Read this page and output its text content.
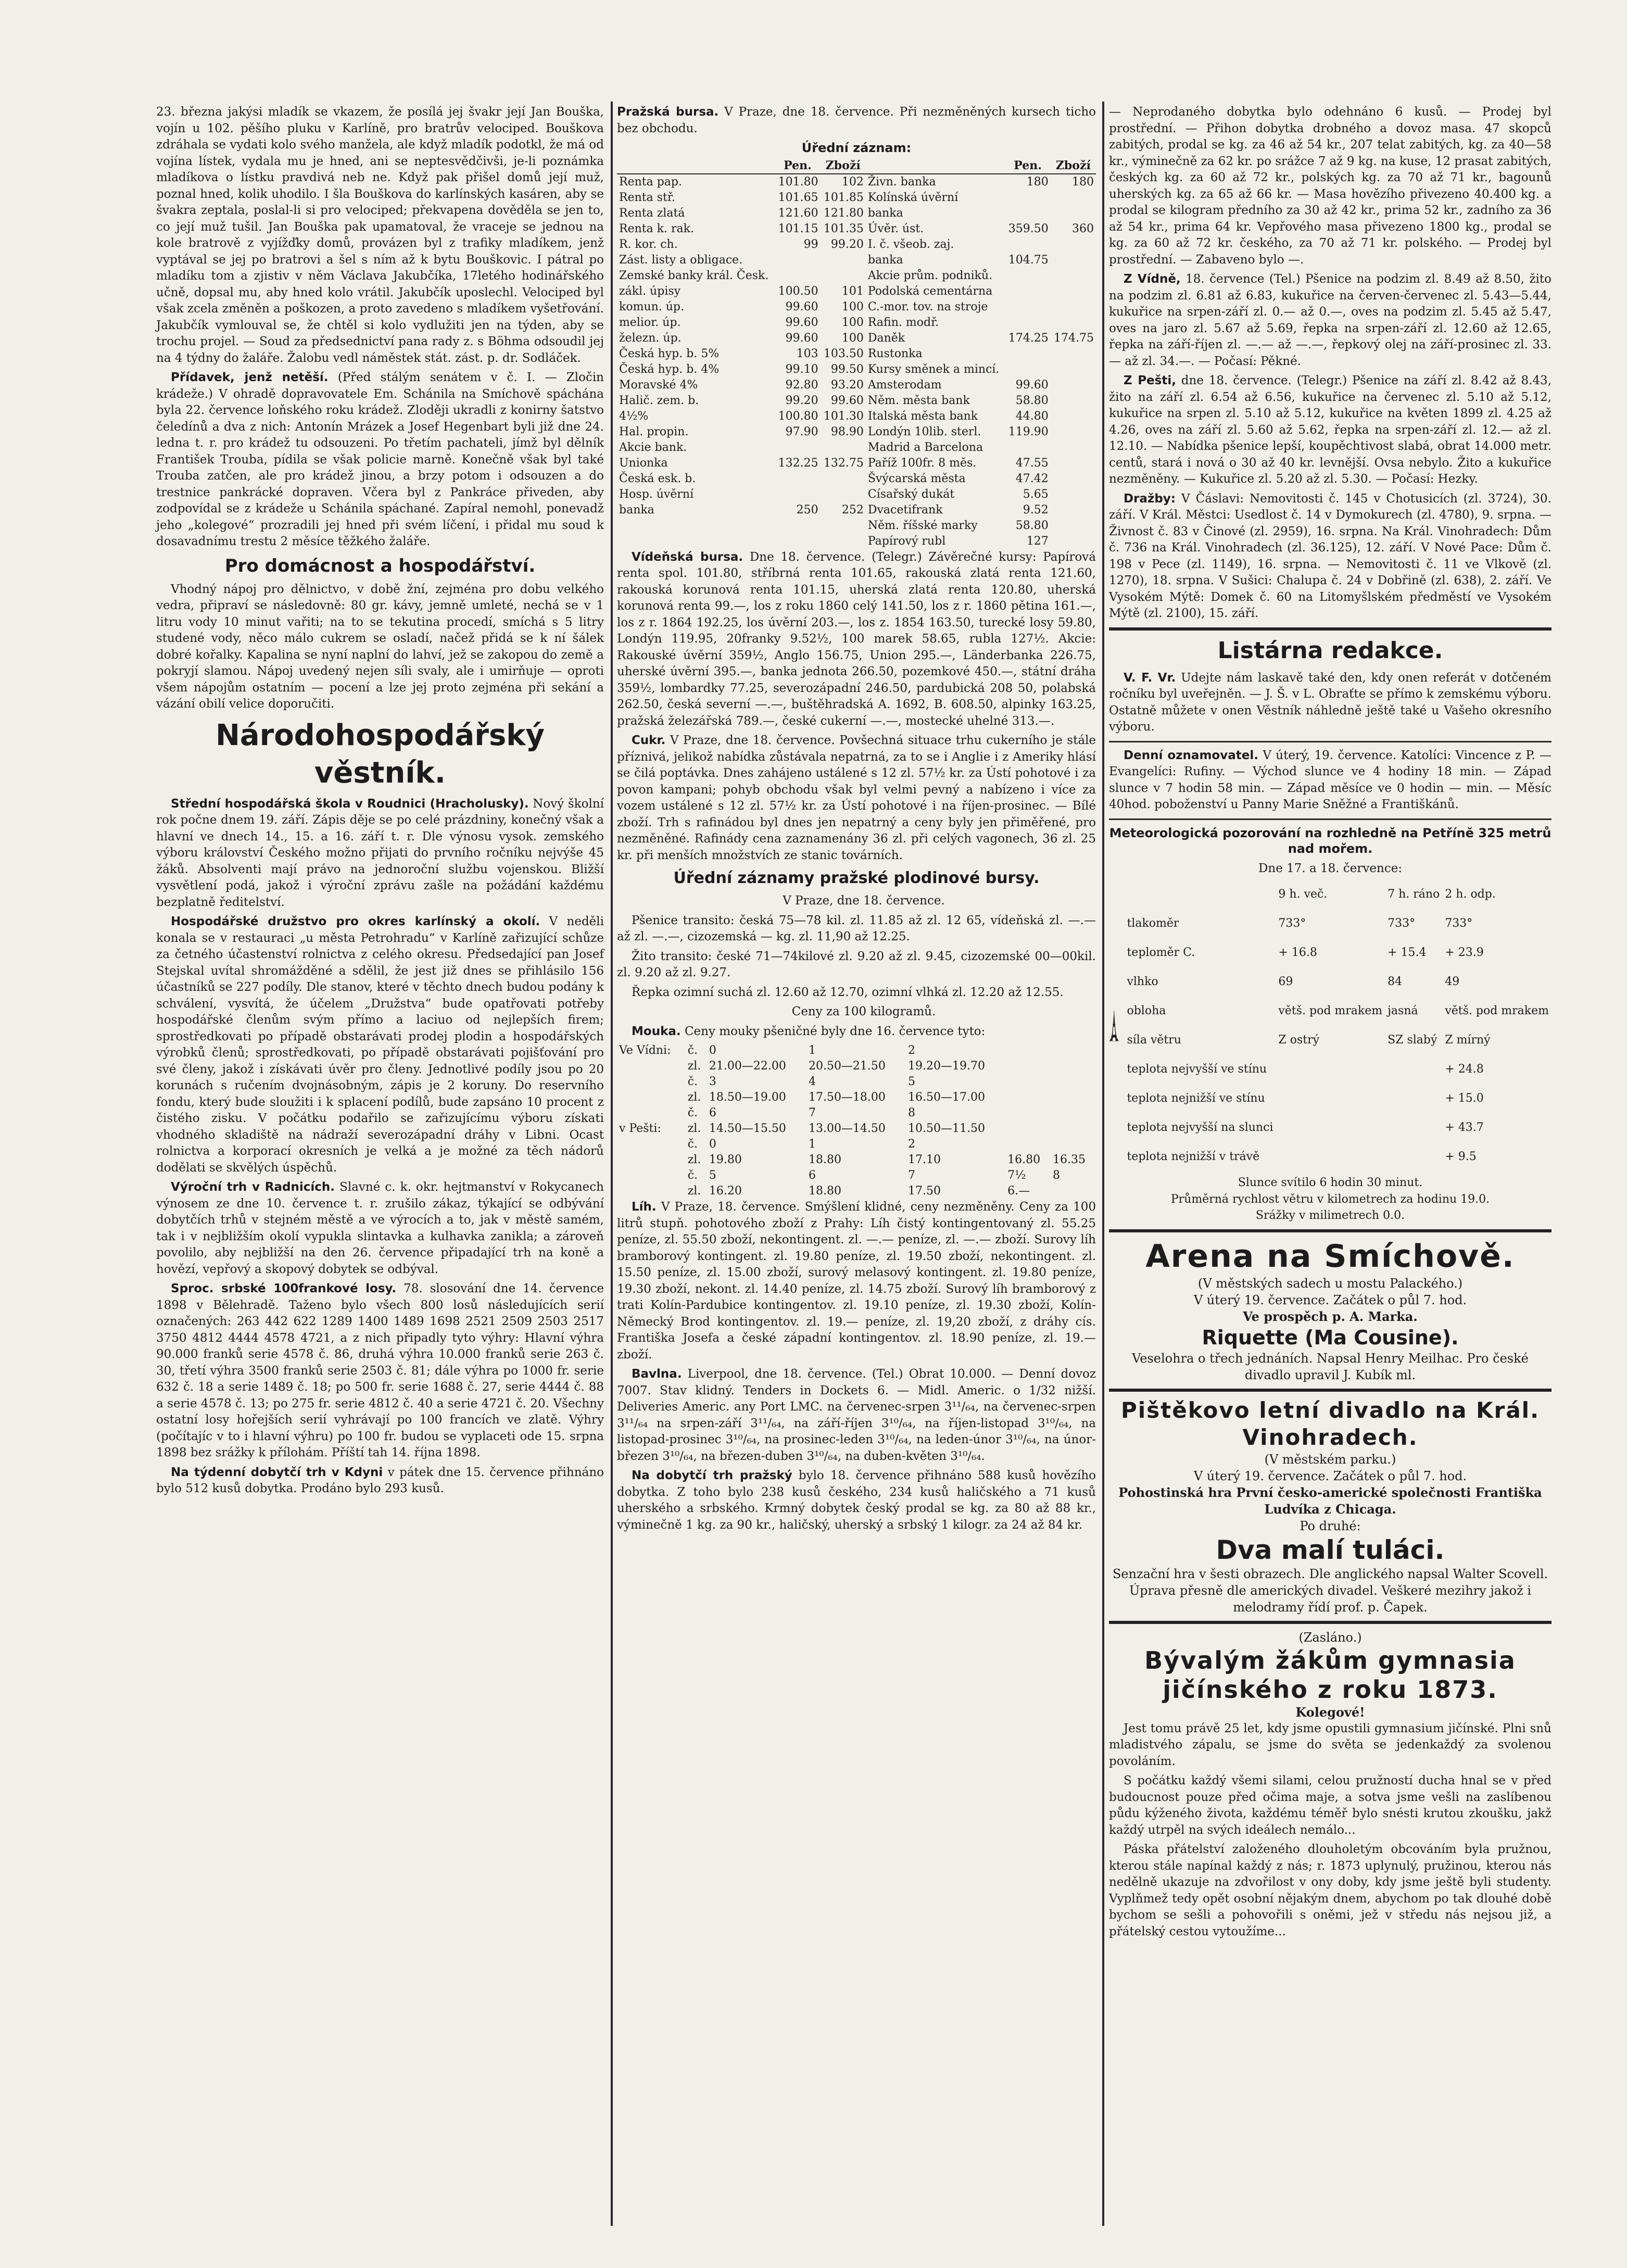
23. března jakýsi mladík se vkazem, že posílá jej švakr její Jan Bouška, vojín u 102. pěšího pluku v Karlíně, pro bratrův velociped. Bouškova zdráhala se vydati kolo svého manžela, ale když mladík podotkl, že má od vojína lístek, vydala mu je hned, ani se neptesvědčivši, je-li poznámka mladíkova o lístku pravdivá neb ne. Když pak přišel domů její muž, poznal hned, kolik uhodilo. I šla Bouškova do karlínských kasáren, aby se švakra zeptala, poslal-li si pro velociped; překvapena dověděla se jen to, co její muž tušil. Jan Bouška pak upamatoval, že vraceje se jednou na kole bratrově z vyjížďky domů, provázen byl z trafiky mladíkem, jenž vyptával se jej po bratrovi a šel s ním až k bytu Bouškovic. I pátral po mladíku tom a zjistiv v něm Václava Jakubčíka, 17letého hodinářského učně, dopsal mu, aby hned kolo vrátil. Jakubčík uposlechl. Velociped byl však zcela změněn a poškozen, a proto zavedeno s mladíkem vyšetřování. Jakubčík vymlouval se, že chtěl si kolo vydlužiti jen na týden, aby se trochu projel. — Soud za předsednictví pana rady z. s Böhma odsoudil jej na 4 týdny do žaláře. Žalobu vedl náměstek stát. zást. p. dr. Sodláček.

Přídavek, jenž netěší. (Před stálým senátem v č. I. — Zločin krádeže.) V ohradě dopravovatele Em. Schánila na Smíchově spáchána byla 22. července loňského roku krádež. Zloději ukradli z konirny šatstvo čeledínů a dva z nich: Antonín Mrázek a Josef Hegenbart byli již dne 24. ledna t. r. pro krádež tu odsouzeni. Po třetím pachateli, jímž byl dělník František Trouba, pídila se však policie marně. Konečně však byl také Trouba zatčen, ale pro krádež jinou, a brzy potom i odsouzen a do trestnice pankrácké dopraven. Včera byl z Pankráce přiveden, aby zodpovídal se z krádeže u Schánila spáchané. Zapíral nemohl, ponevadž jeho „kolegové“ prozradili jej hned při svém líčení, i přidal mu soud k dosavadnímu trestu 2 měsíce těžkého žaláře.

Pro domácnost a hospodářství.

Vhodný nápoj pro dělnictvo, v době žní, zejména pro dobu velkého vedra, připraví se následovně: 80 gr. kávy, jemně umleté, nechá se v 1 litru vody 10 minut vařiti; na to se tekutina procedí, smíchá s 5 litry studené vody, něco málo cukrem se osladí, načež přidá se k ní šálek dobré kořalky. Kapalina se nyní naplní do lahví, jež se zakopou do země a pokryjí slamou. Nápoj uvedený nejen síli svaly, ale i umirňuje — oproti všem nápojům ostatním — pocení a lze jej proto zejména při sekání a vázání obilí velice doporučiti.

Národohospodářský věstník.

Střední hospodářská škola v Roudnici (Hracholusky). Nový školní rok počne dnem 19. září. Zápis děje se po celé prázdniny, konečný však a hlavní ve dnech 14., 15. a 16. září t. r. Dle výnosu vysok. zemského výboru království Českého možno přijati do prvního ročníku nejvýše 45 žáků. Absolventi mají právo na jednoroční službu vojenskou. Bližší vysvětlení podá, jakož i výroční zprávu zašle na požádání každému bezplatně ředitelství.

Hospodářské družstvo pro okres karlínský a okolí. V neděli konala se v restauraci „u města Petrohradu“ v Karlíně zařizující schůze za četného účastenství rolnictva z celého okresu. Předsedající pan Josef Stejskal uvítal shromážděné a sdělil, že jest již dnes se přihlásilo 156 účastníků se 227 podíly. Dle stanov, které v těchto dnech budou podány k schválení, vysvítá, že účelem „Družstva“ bude opatřovati potřeby hospodářské členům svým přímo a laciuo od nejlepších firem; sprostředkovati po případě obstarávati prodej plodin a hospodářských výrobků členů; sprostředkovati, po případě obstarávati pojišťování pro své členy, jakož i získávati úvěr pro členy. Jednotlivé podíly jsou po 20 korunách s ručením dvojnásobným, zápis je 2 koruny. Do reservního fondu, který bude sloužiti i k splacení podílů, bude zapsáno 10 procent z čistého zisku. V počátku podařilo se zařizujícímu výboru získati vhodného skladiště na nádraží severozápadní dráhy v Libni. Ocast rolnictva a korporací okresních je velká a je možné za těch nádorů dodělati se skvělých úspěchů.

Výroční trh v Radnicích. Slavné c. k. okr. hejtmanství v Rokycanech výnosem ze dne 10. července t. r. zrušilo zákaz, týkající se odbývání dobytčích trhů v stejném městě a ve výrocích a to, jak v městě samém, tak i v nejbližším okolí vypukla slintavka a kulhavka zanikla; a zároveň povolilo, aby nejbližší na den 26. července připadající trh na koně a hovězí, vepřový a skopový dobytek se odbýval.

Sproc. srbské 100frankové losy. 78. slosování dne 14. července 1898 v Bělehradě. Taženo bylo všech 800 losů následujících serií označených: 263 442 622 1289 1400 1489 1698 2521 2509 2503 2517 3750 4812 4444 4578 4721, a z nich připadly tyto výhry: Hlavní výhra 90.000 franků serie 4578 č. 86, druhá výhra 10.000 franků serie 263 č. 30, třetí výhra 3500 franků serie 2503 č. 81; dále výhra po 1000 fr. serie 632 č. 18 a serie 1489 č. 18; po 500 fr. serie 1688 č. 27, serie 4444 č. 88 a serie 4578 č. 13; po 275 fr. serie 4812 č. 40 a serie 4721 č. 20. Všechny ostatní losy hořejších serií vyhrávají po 100 francích ve zlatě. Výhry (počítajíc v to i hlavní výhru) po 100 fr. budou se vyplaceti ode 15. srpna 1898 bez srážky k přílohám. Příští tah 14. října 1898.

Na týdenní dobytčí trh v Kdyni v pátek dne 15. července přihnáno bylo 512 kusů dobytka. Prodáno bylo 293 kusů.

Pražská bursa. V Praze, dne 18. července. Při nezměněných kursech ticho bez obchodu.

Úřední záznam:
	Pen.	Zboží		Pen.	Zboží
Renta pap.	101.80	102	Živn. banka	180	180
Renta stř.	101.65	101.85	Kolínská úvěrní		
Renta zlatá	121.60	121.80	banka		
Renta k. rak.	101.15	101.35	Úvěr. úst.	359.50	360
R. kor. ch.	99	99.20	I. č. všeob. zaj.		
Zást. listy a obligace.			banka	104.75	
Zemské banky král. Česk.			Akcie prům. podniků.		
zákl. úpisy	100.50	101	Podolská cementárna		
komun. úp.	99.60	100	C.-mor. tov. na stroje		
melior. úp.	99.60	100	Rafin. modř.		
železn. úp.	99.60	100	Daněk	174.25	174.75
Česká hyp. b. 5%	103	103.50	Rustonka		
Česká hyp. b. 4%	99.10	99.50	Kursy směnek a mincí.		
Moravské 4%	92.80	93.20	Amsterodam	99.60	
Halič. zem. b.	99.20	99.60	Něm. města bank	58.80	
4½%	100.80	101.30	Italská města bank	44.80	
Hal. propin.	97.90	98.90	Londýn 10lib. sterl.	119.90	
Akcie bank.			Madrid a Barcelona		
Unionka	132.25	132.75	Paříž 100fr. 8 měs.	47.55	
Česká esk. b.			Švýcarská města	47.42	
Hosp. úvěrní			Císařský dukát	5.65	
banka	250	252	Dvacetifrank	9.52	
			Něm. říšské marky	58.80	
			Papírový rubl	127	

Vídeňská bursa. Dne 18. července. (Telegr.) Závěrečné kursy: Papírová renta spol. 101.80, stříbrná renta 101.65, rakouská zlatá renta 121.60, rakouská korunová renta 101.15, uherská zlatá renta 120.80, uherská korunová renta 99.—, los z roku 1860 celý 141.50, los z r. 1860 pětina 161.—, los z r. 1864 192.25, los úvěrní 203.—, los z. 1854 163.50, turecké losy 59.80, Londýn 119.95, 20franky 9.52½, 100 marek 58.65, rubla 127½. Akcie: Rakouské úvěrní 359½, Anglo 156.75, Union 295.—, Länderbanka 226.75, uherské úvěrní 395.—, banka jednota 266.50, pozemkové 450.—, státní dráha 359½, lombardky 77.25, severozápadní 246.50, pardubická 208 50, polabská 262.50, česká severní —.—, buštěhradská A. 1692, B. 608.50, alpinky 163.25, pražská železářská 789.—, české cukerní —.—, mostecké uhelné 313.—.

Cukr. V Praze, dne 18. července. Povšechná situace trhu cukerního je stále příznivá, jelikož nabídka zůstávala nepatrná, za to se i Anglie i z Ameriky hlásí se čilá poptávka. Dnes zahájeno ustálené s 12 zl. 57½ kr. za Ústí pohotové i za povon kampani; pohyb obchodu však byl velmi pevný a nabízeno i více za vozem ustálené s 12 zl. 57½ kr. za Ústí pohotové i na říjen-prosinec. — Bílé zboží. Trh s rafinádou byl dnes jen nepatrný a ceny byly jen přiměřené, pro nezměněné. Rafinády cena zaznamenány 36 zl. při celých vagonech, 36 zl. 25 kr. při menších množstvích ze stanic továrních.

Úřední záznamy pražské plodinové bursy.

V Praze, dne 18. července.

Pšenice transito: česká 75—78 kil. zl. 11.85 až zl. 12 65, vídeňská zl. —.— až zl. —.—, cizozemská — kg. zl. 11,90 až 12.25.

Žito transito: české 71—74kilové zl. 9.20 až zl. 9.45, cizozemské 00—00kil. zl. 9.20 až zl. 9.27.

Řepka ozimní suchá zl. 12.60 až 12.70, ozimní vlhká zl. 12.20 až 12.55.

Ceny za 100 kilogramů.

Mouka. Ceny mouky pšeničné byly dne 16. července tyto:

Ve Vídni:	č.	0	1	2		
	zl.	21.00—22.00	20.50—21.50	19.20—19.70		
	č.	3	4	5		
	zl.	18.50—19.00	17.50—18.00	16.50—17.00		
	č.	6	7	8		
v Pešti:	zl.	14.50—15.50	13.00—14.50	10.50—11.50		
	č.	0	1	2		
	zl.	19.80	18.80	17.10	16.80	16.35
	č.	5	6	7	7½	8
	zl.	16.20	18.80	17.50	6.—	

Líh. V Praze, 18. července. Smýšlení klidné, ceny nezměněny. Ceny za 100 litrů stupň. pohotového zboží z Prahy: Líh čistý kontingentovaný zl. 55.25 peníze, zl. 55.50 zboží, nekontingent. zl. —.— peníze, zl. —.— zboží. Surovy líh bramborový kontingent. zl. 19.80 peníze, zl. 19.50 zboží, nekontingent. zl. 15.50 peníze, zl. 15.00 zboží, surový melasový kontingent. zl. 19.80 peníze, 19.30 zboží, nekont. zl. 14.40 peníze, zl. 14.75 zboží. Surový líh bramborový z trati Kolín-Pardubice kontingentov. zl. 19.10 peníze, zl. 19.30 zboží, Kolín-Německý Brod kontingentov. zl. 19.— peníze, zl. 19,20 zboží, z dráhy cís. Františka Josefa a české západní kontingentov. zl. 18.90 peníze, zl. 19.— zboží.

Bavlna. Liverpool, dne 18. července. (Tel.) Obrat 10.000. — Denní dovoz 7007. Stav klidný. Tenders in Dockets 6. — Midl. Americ. o 1/32 nižší. Deliveries Americ. any Port LMC. na červenec-srpen 3¹¹/₆₄, na červenec-srpen 3¹¹/₆₄ na srpen-září 3¹¹/₆₄, na září-říjen 3¹⁰/₆₄, na říjen-listopad 3¹⁰/₆₄, na listopad-prosinec 3¹⁰/₆₄, na prosinec-leden 3¹⁰/₆₄, na leden-únor 3¹⁰/₆₄, na únor-březen 3¹⁰/₆₄, na březen-duben 3¹⁰/₆₄, na duben-květen 3¹⁰/₆₄.

Na dobytčí trh pražský bylo 18. července přihnáno 588 kusů hovězího dobytka. Z toho bylo 238 kusů českého, 234 kusů haličského a 71 kusů uherského a srbského. Krmný dobytek český prodal se kg. za 80 až 88 kr., výminečně 1 kg. za 90 kr., haličský, uherský a srbský 1 kilogr. za 24 až 84 kr.

— Neprodaného dobytka bylo odehnáno 6 kusů. — Prodej byl prostřední. — Přihon dobytka drobného a dovoz masa. 47 skopců zabitých, prodal se kg. za 46 až 54 kr., 207 telat zabitých, kg. za 40—58 kr., výminečně za 62 kr. po srážce 7 až 9 kg. na kuse, 12 prasat zabitých, českých kg. za 60 až 72 kr., polských kg. za 70 až 71 kr., bagounů uherských kg. za 65 až 66 kr. — Masa hovězího přivezeno 40.400 kg. a prodal se kilogram předního za 30 až 42 kr., prima 52 kr., zadního za 36 až 54 kr., prima 64 kr. Vepřového masa přivezeno 1800 kg., prodal se kg. za 60 až 72 kr. českého, za 70 až 71 kr. polského. — Prodej byl prostřední. — Zabaveno bylo —.

Z Vídně, 18. července (Tel.) Pšenice na podzim zl. 8.49 až 8.50, žito na podzim zl. 6.81 až 6.83, kukuřice na červen-červenec zl. 5.43—5.44, kukuřice na srpen-září zl. 0.— až 0.—, oves na podzim zl. 5.45 až 5.47, oves na jaro zl. 5.67 až 5.69, řepka na srpen-září zl. 12.60 až 12.65, řepka na září-říjen zl. —.— až —.—, řepkový olej na září-prosinec zl. 33.— až zl. 34.—. — Počasí: Pěkné.

Z Pešti, dne 18. července. (Telegr.) Pšenice na září zl. 8.42 až 8.43, žito na září zl. 6.54 až 6.56, kukuřice na červenec zl. 5.10 až 5.12, kukuřice na srpen zl. 5.10 až 5.12, kukuřice na květen 1899 zl. 4.25 až 4.26, oves na září zl. 5.60 až 5.62, řepka na srpen-září zl. 12.— až zl. 12.10. — Nabídka pšenice lepší, koupěchtivost slabá, obrat 14.000 metr. centů, stará i nová o 30 až 40 kr. levnější. Ovsa nebylo. Žito a kukuřice nezměněny. — Kukuřice zl. 5.20 až zl. 5.30. — Počasí: Hezky.

Dražby: V Čáslavi: Nemovitosti č. 145 v Chotusicích (zl. 3724), 30. září. V Král. Městci: Usedlost č. 14 v Dymokurech (zl. 4780), 9. srpna. — Živnost č. 83 v Činové (zl. 2959), 16. srpna. Na Král. Vinohradech: Dům č. 736 na Král. Vinohradech (zl. 36.125), 12. září. V Nové Pace: Dům č. 198 v Pece (zl. 1149), 16. srpna. — Nemovitosti č. 11 ve Vlkově (zl. 1270), 18. srpna. V Sušici: Chalupa č. 24 v Dobřině (zl. 638), 2. září. Ve Vysokém Mýtě: Domek č. 60 na Litomyšlském předměstí ve Vysokém Mýtě (zl. 2100), 15. září.

Listárna redakce.

V. F. Vr. Udejte nám laskavě také den, kdy onen referát v dotčeném ročníku byl uveřejněn. — J. Š. v L. Obraťte se přímo k zemskému výboru. Ostatně můžete v onen Věstník náhledně ještě také u Vašeho okresního výboru.

Denní oznamovatel. V úterý, 19. července. Katolíci: Vincence z P. — Evangelíci: Rufiny. — Východ slunce ve 4 hodiny 18 min. — Západ slunce v 7 hodin 58 min. — Západ měsíce ve 0 hodin — min. — Měsíc 40hod. poboženství u Panny Marie Sněžné a Františkánů.

Meteorologická pozorování na rozhledně na Petříně 325 metrů nad mořem.
Dne 17. a 18. července:
	9 h. več.	7 h. ráno	2 h. odp.
tlakoměr	733°	733°	733°
teploměr C.	+ 16.8	+ 15.4	+ 23.9
vlhko	69	84	49
obloha	větš. pod mrakem	jasná	větš. pod mrakem
síla větru	Z ostrý	SZ slabý	Z mírný
teplota nejvyšší ve stínu			+ 24.8
teplota nejnižší ve stínu			+ 15.0
teplota nejvyšší na slunci			+ 43.7
teplota nejnižší v trávě			+ 9.5
Slunce svítilo 6 hodin 30 minut.
Průměrná rychlost větru v kilometrech za hodinu 19.0.
Srážky v milimetrech 0.0.
Arena na Smíchově.
(V městských sadech u mostu Palackého.)
V úterý 19. července. Začátek o půl 7. hod.
Ve prospěch p. A. Marka.
Riquette (Ma Cousine).
Veselohra o třech jednáních. Napsal Henry Meilhac. Pro české divadlo upravil J. Kubík ml.
Pištěkovo letní divadlo na Král. Vinohradech.
(V městském parku.)
V úterý 19. července. Začátek o půl 7. hod.
Pohostinská hra První česko-americké společnosti Františka Ludvíka z Chicaga.
Po druhé:
Dva malí tuláci.
Senzační hra v šesti obrazech. Dle anglického napsal Walter Scovell. Úprava přesně dle amerických divadel. Veškeré mezihry jakož i melodramy řídí prof. p. Čapek.
(Zasláno.)
Bývalým žákům gymnasia jičínského z roku 1873.
Kolegové!

Jest tomu právě 25 let, kdy jsme opustili gymnasium jičínské. Plni snů mladistvého zápalu, se jsme do světa se jedenkaždý za svolenou povoláním.

S počátku každý všemi silami, celou pružností ducha hnal se v před budoucnost pouze před očima maje, a sotva jsme vešli na zaslíbenou půdu kýženého života, každému téměř bylo snésti krutou zkoušku, jakž každý utrpěl na svých ideálech nemálo...

Páska přátelství založeného dlouholetým obcováním byla pružnou, kterou stále napínal každý z nás; r. 1873 uplynulý, pružinou, kterou nás nedělně ukazuje na zdvořilost v ony doby, kdy jsme ještě byli studenty. Vyplňmež tedy opět osobní nějakým dnem, abychom po tak dlouhé době bychom se sešli a pohovořili s oněmi, jež v středu nás nejsou již, a přátelský cestou vytoužíme...
